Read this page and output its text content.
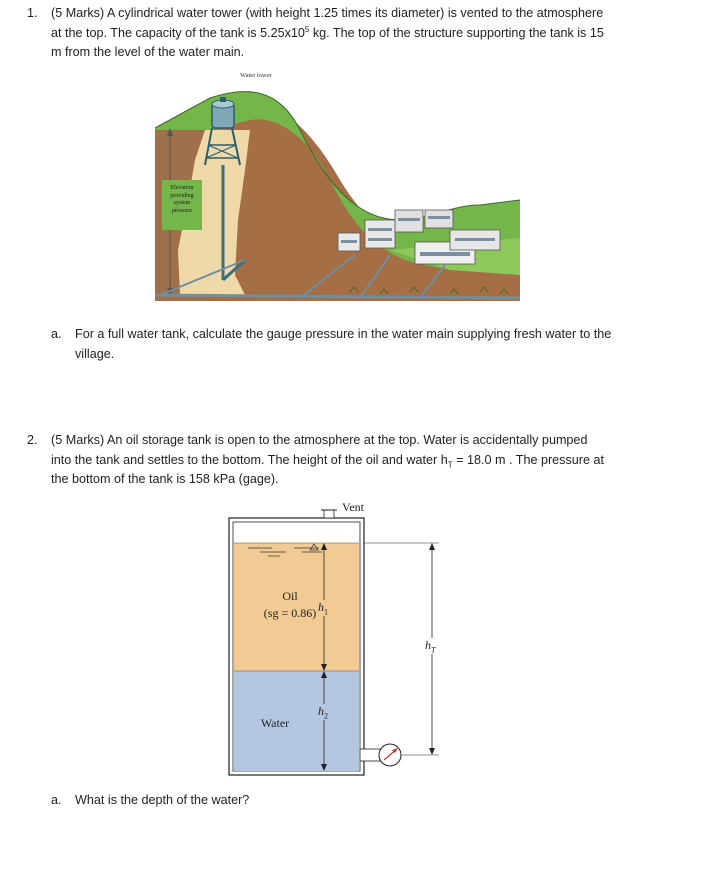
1. (5 Marks) A cylindrical water tower (with height 1.25 times its diameter) is vented to the atmosphere
at the top. The capacity of the tank is $5.25x10^5$ kg. The top of the structure supporting the tank is 15
m from the level of the water main.
Water tower
Elevation
providing
system
pressure
a. For a full water tank, calculate the gauge pressure in the water main supplying fresh water to the
village.
2. (5 Marks) An oil storage tank is open to the atmosphere at the top. Water is accidentally pumped
into the tank and settles to the bottom. The height of the oil and water $h_T = 18.0$ m . The pressure at
the bottom of the tank is 158 kPa (gage).
Vent
Oil
(sg = 0.86)
Water
$h_1$
$h_2$
$h_T$
a. What is the depth of the water?
